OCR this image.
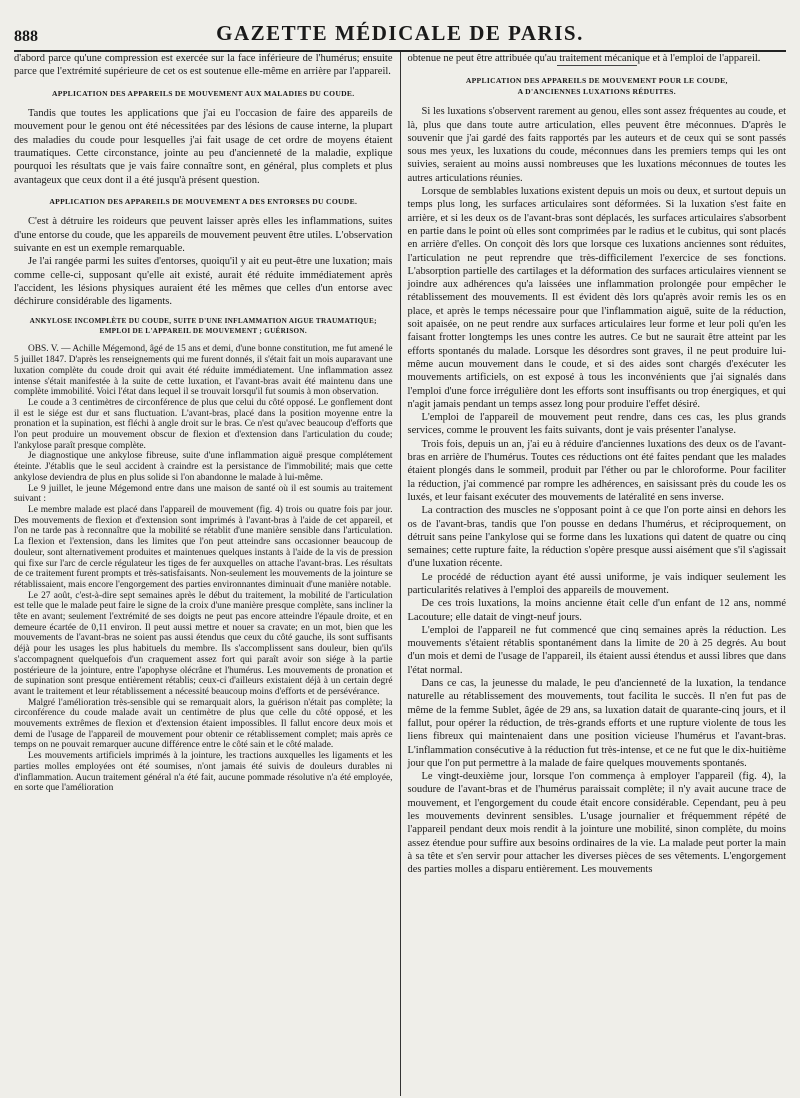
888	GAZETTE MÉDICALE DE PARIS.

d'abord parce qu'une compression est exercée sur la face inférieure de l'humérus; ensuite parce que l'extrémité supérieure de cet os est soutenue elle-même en arrière par l'appareil.

APPLICATION DES APPAREILS DE MOUVEMENT AUX MALADIES DU COUDE.

Tandis que toutes les applications que j'ai eu l'occasion de faire des appareils de mouvement pour le genou ont été nécessitées par des lésions de cause interne, la plupart des maladies du coude pour lesquelles j'ai fait usage de cet ordre de moyens étaient traumatiques. Cette circonstance, jointe au peu d'ancienneté de la maladie, explique pourquoi les résultats que je vais faire connaître sont, en général, plus complets et plus avantageux que ceux dont il a été jusqu'à présent question.

APPLICATION DES APPAREILS DE MOUVEMENT A DES ENTORSES DU COUDE.

C'est à détruire les roideurs que peuvent laisser après elles les inflammations, suites d'une entorse du coude, que les appareils de mouvement peuvent être utiles. L'observation suivante en est un exemple remarquable.

Je l'ai rangée parmi les suites d'entorses, quoiqu'il y ait eu peut-être une luxation; mais comme celle-ci, supposant qu'elle ait existé, aurait été réduite immédiatement après l'accident, les lésions physiques auraient été les mêmes que celles d'un entorse avec déchirure considérable des ligaments.

ANKYLOSE INCOMPLÈTE DU COUDE, SUITE D'UNE INFLAMMATION AIGUE TRAUMATIQUE;
EMPLOI DE L'APPAREIL DE MOUVEMENT ; GUÉRISON.

OBS. V. — Achille Mégemond, âgé de 15 ans et demi, d'une bonne constitution, me fut amené le 5 juillet 1847. D'après les renseignements qui me furent donnés, il s'était fait un mois auparavant une luxation complète du coude droit qui avait été réduite immédiatement. Une inflammation assez intense s'était manifestée à la suite de cette luxation, et l'avant-bras avait été maintenu dans une complète immobilité. Voici l'état dans lequel il se trouvait lorsqu'il fut soumis à mon observation.

Le coude a 3 centimètres de circonférence de plus que celui du côté opposé. Le gonflement dont il est le siége est dur et sans fluctuation. L'avant-bras, placé dans la position moyenne entre la pronation et la supination, est fléchi à angle droit sur le bras. Ce n'est qu'avec beaucoup d'efforts que l'on peut produire un mouvement obscur de flexion et d'extension dans l'articulation du coude; l'ankylose paraît presque complète.

Je diagnostique une ankylose fibreuse, suite d'une inflammation aiguë presque complétement éteinte. J'établis que le seul accident à craindre est la persistance de l'immobilité; mais que cette ankylose deviendra de plus en plus solide si l'on abandonne le malade à lui-même.

Le 9 juillet, le jeune Mégemond entre dans une maison de santé où il est soumis au traitement suivant :

Le membre malade est placé dans l'appareil de mouvement (fig. 4) trois ou quatre fois par jour. Des mouvements de flexion et d'extension sont imprimés à l'avant-bras à l'aide de cet appareil, et l'on ne tarde pas à reconnaître que la mobilité se rétablit d'une manière sensible dans l'articulation. La flexion et l'extension, dans les limites que l'on peut atteindre sans occasionner beaucoup de douleur, sont alternativement produites et maintenues quelques instants à l'aide de la vis de pression qui fixe sur l'arc de cercle régulateur les tiges de fer auxquelles on attache l'avant-bras. Les résultats de ce traitement furent prompts et très-satisfaisants. Non-seulement les mouvements de la jointure se rétablissaient, mais encore l'engorgement des parties environnantes diminuait d'une manière notable.

Le 27 août, c'est-à-dire sept semaines après le début du traitement, la mobilité de l'articulation est telle que le malade peut faire le signe de la croix d'une manière presque complète, sans incliner la tête en avant; seulement l'extrémité de ses doigts ne peut pas encore atteindre l'épaule droite, et en demeure écartée de 0,11 environ. Il peut aussi mettre et nouer sa cravate; en un mot, bien que les mouvements de l'avant-bras ne soient pas aussi étendus que ceux du côté gauche, ils sont suffisants déjà pour les usages les plus habituels du membre. Ils s'accomplissent sans douleur, bien qu'ils s'accompagnent quelquefois d'un craquement assez fort qui paraît avoir son siége à la partie postérieure de la jointure, entre l'apophyse olécrâne et l'humérus. Les mouvements de pronation et de supination sont presque entièrement rétablis; ceux-ci d'ailleurs existaient déjà à un certain degré avant le traitement et leur rétablissement a nécessité beaucoup moins d'efforts et de persévérance.

Malgré l'amélioration très-sensible qui se remarquait alors, la guérison n'était pas complète; la circonférence du coude malade avait un centimètre de plus que celle du côté opposé, et les mouvements extrêmes de flexion et d'extension étaient impossibles. Il fallut encore deux mois et demi de l'usage de l'appareil de mouvement pour obtenir ce rétablissement complet; mais après ce temps on ne pouvait remarquer aucune différence entre le côté sain et le côté malade.

Les mouvements artificiels imprimés à la jointure, les tractions auxquelles les ligaments et les parties molles employées ont été soumises, n'ont jamais été suivis de douleurs durables ni d'inflammation. Aucun traitement général n'a été fait, aucune pommade résolutive n'a été employée, en sorte que l'amélioration

obtenue ne peut être attribuée qu'au traitement mécanique et à l'emploi de l'appareil.

APPLICATION DES APPAREILS DE MOUVEMENT POUR LE COUDE,
A D'ANCIENNES LUXATIONS RÉDUITES.

Si les luxations s'observent rarement au genou, elles sont assez fréquentes au coude, et là, plus que dans toute autre articulation, elles peuvent être méconnues. D'après le souvenir que j'ai gardé des faits rapportés par les auteurs et de ceux qui se sont passés sous mes yeux, les luxations du coude, méconnues dans les premiers temps qui les ont suivies, seraient au moins aussi nombreuses que les luxations méconnues de toutes les autres articulations réunies.

Lorsque de semblables luxations existent depuis un mois ou deux, et surtout depuis un temps plus long, les surfaces articulaires sont déformées. Si la luxation s'est faite en arrière, et si les deux os de l'avant-bras sont déplacés, les surfaces articulaires s'absorbent en partie dans le point où elles sont comprimées par le radius et le cubitus, qui sont placés en arrière d'elles. On conçoit dès lors que lorsque ces luxations anciennes sont réduites, l'articulation ne peut reprendre que très-difficilement l'exercice de ses fonctions. L'absorption partielle des cartilages et la déformation des surfaces articulaires viennent se joindre aux adhérences qu'a laissées une inflammation prolongée pour empêcher le rétablissement des mouvements. Il est évident dès lors qu'après avoir remis les os en place, et après le temps nécessaire pour que l'inflammation aiguë, suite de la réduction, soit apaisée, on ne peut rendre aux surfaces articulaires leur forme et leur poli qu'en les faisant frotter longtemps les unes contre les autres. Ce but ne saurait être atteint par les efforts spontanés du malade. Lorsque les désordres sont graves, il ne peut produire lui-même aucun mouvement dans le coude, et si des aides sont chargés d'exécuter les mouvements artificiels, on est exposé à tous les inconvénients que j'ai signalés dans l'emploi d'une force irrégulière dont les efforts sont insuffisants ou trop énergiques, et qui n'agit jamais pendant un temps assez long pour produire l'effet désiré.

L'emploi de l'appareil de mouvement peut rendre, dans ces cas, les plus grands services, comme le prouvent les faits suivants, dont je vais présenter l'analyse.

Trois fois, depuis un an, j'ai eu à réduire d'anciennes luxations des deux os de l'avant-bras en arrière de l'humérus. Toutes ces réductions ont été faites pendant que les malades étaient plongés dans le sommeil, produit par l'éther ou par le chloroforme. Pour faciliter la réduction, j'ai commencé par rompre les adhérences, en saisissant près du coude les os luxés, et leur faisant exécuter des mouvements de latéralité en sens inverse.

La contraction des muscles ne s'opposant point à ce que l'on porte ainsi en dehors les os de l'avant-bras, tandis que l'on pousse en dedans l'humérus, et réciproquement, on détruit sans peine l'ankylose qui se forme dans les luxations qui datent de quatre ou cinq semaines; cette rupture faite, la réduction s'opère presque aussi aisément que s'il s'agissait d'une luxation récente.

Le procédé de réduction ayant été aussi uniforme, je vais indiquer seulement les particularités relatives à l'emploi des appareils de mouvement.

De ces trois luxations, la moins ancienne était celle d'un enfant de 12 ans, nommé Lacouture; elle datait de vingt-neuf jours.

L'emploi de l'appareil ne fut commencé que cinq semaines après la réduction. Les mouvements s'étaient rétablis spontanément dans la limite de 20 à 25 degrés. Au bout d'un mois et demi de l'usage de l'appareil, ils étaient aussi étendus et aussi libres que dans l'état normal.

Dans ce cas, la jeunesse du malade, le peu d'ancienneté de la luxation, la tendance naturelle au rétablissement des mouvements, tout facilita le succès. Il n'en fut pas de même de la femme Sublet, âgée de 29 ans, sa luxation datait de quarante-cinq jours, et il fallut, pour opérer la réduction, de très-grands efforts et une rupture violente de tous les liens fibreux qui maintenaient dans une position vicieuse l'humérus et l'avant-bras. L'inflammation consécutive à la réduction fut très-intense, et ce ne fut que le dix-huitième jour que l'on put permettre à la malade de faire quelques mouvements spontanés.

Le vingt-deuxième jour, lorsque l'on commença à employer l'appareil (fig. 4), la soudure de l'avant-bras et de l'humérus paraissait complète; il n'y avait aucune trace de mouvement, et l'engorgement du coude était encore considérable. Cependant, peu à peu les mouvements devinrent sensibles. L'usage journalier et fréquemment répété de l'appareil pendant deux mois rendit à la jointure une mobilité, sinon complète, du moins assez étendue pour suffire aux besoins ordinaires de la vie. La malade peut porter la main à sa tête et s'en servir pour attacher les diverses pièces de ses vêtements. L'engorgement des parties molles a disparu entièrement. Les mouvements
